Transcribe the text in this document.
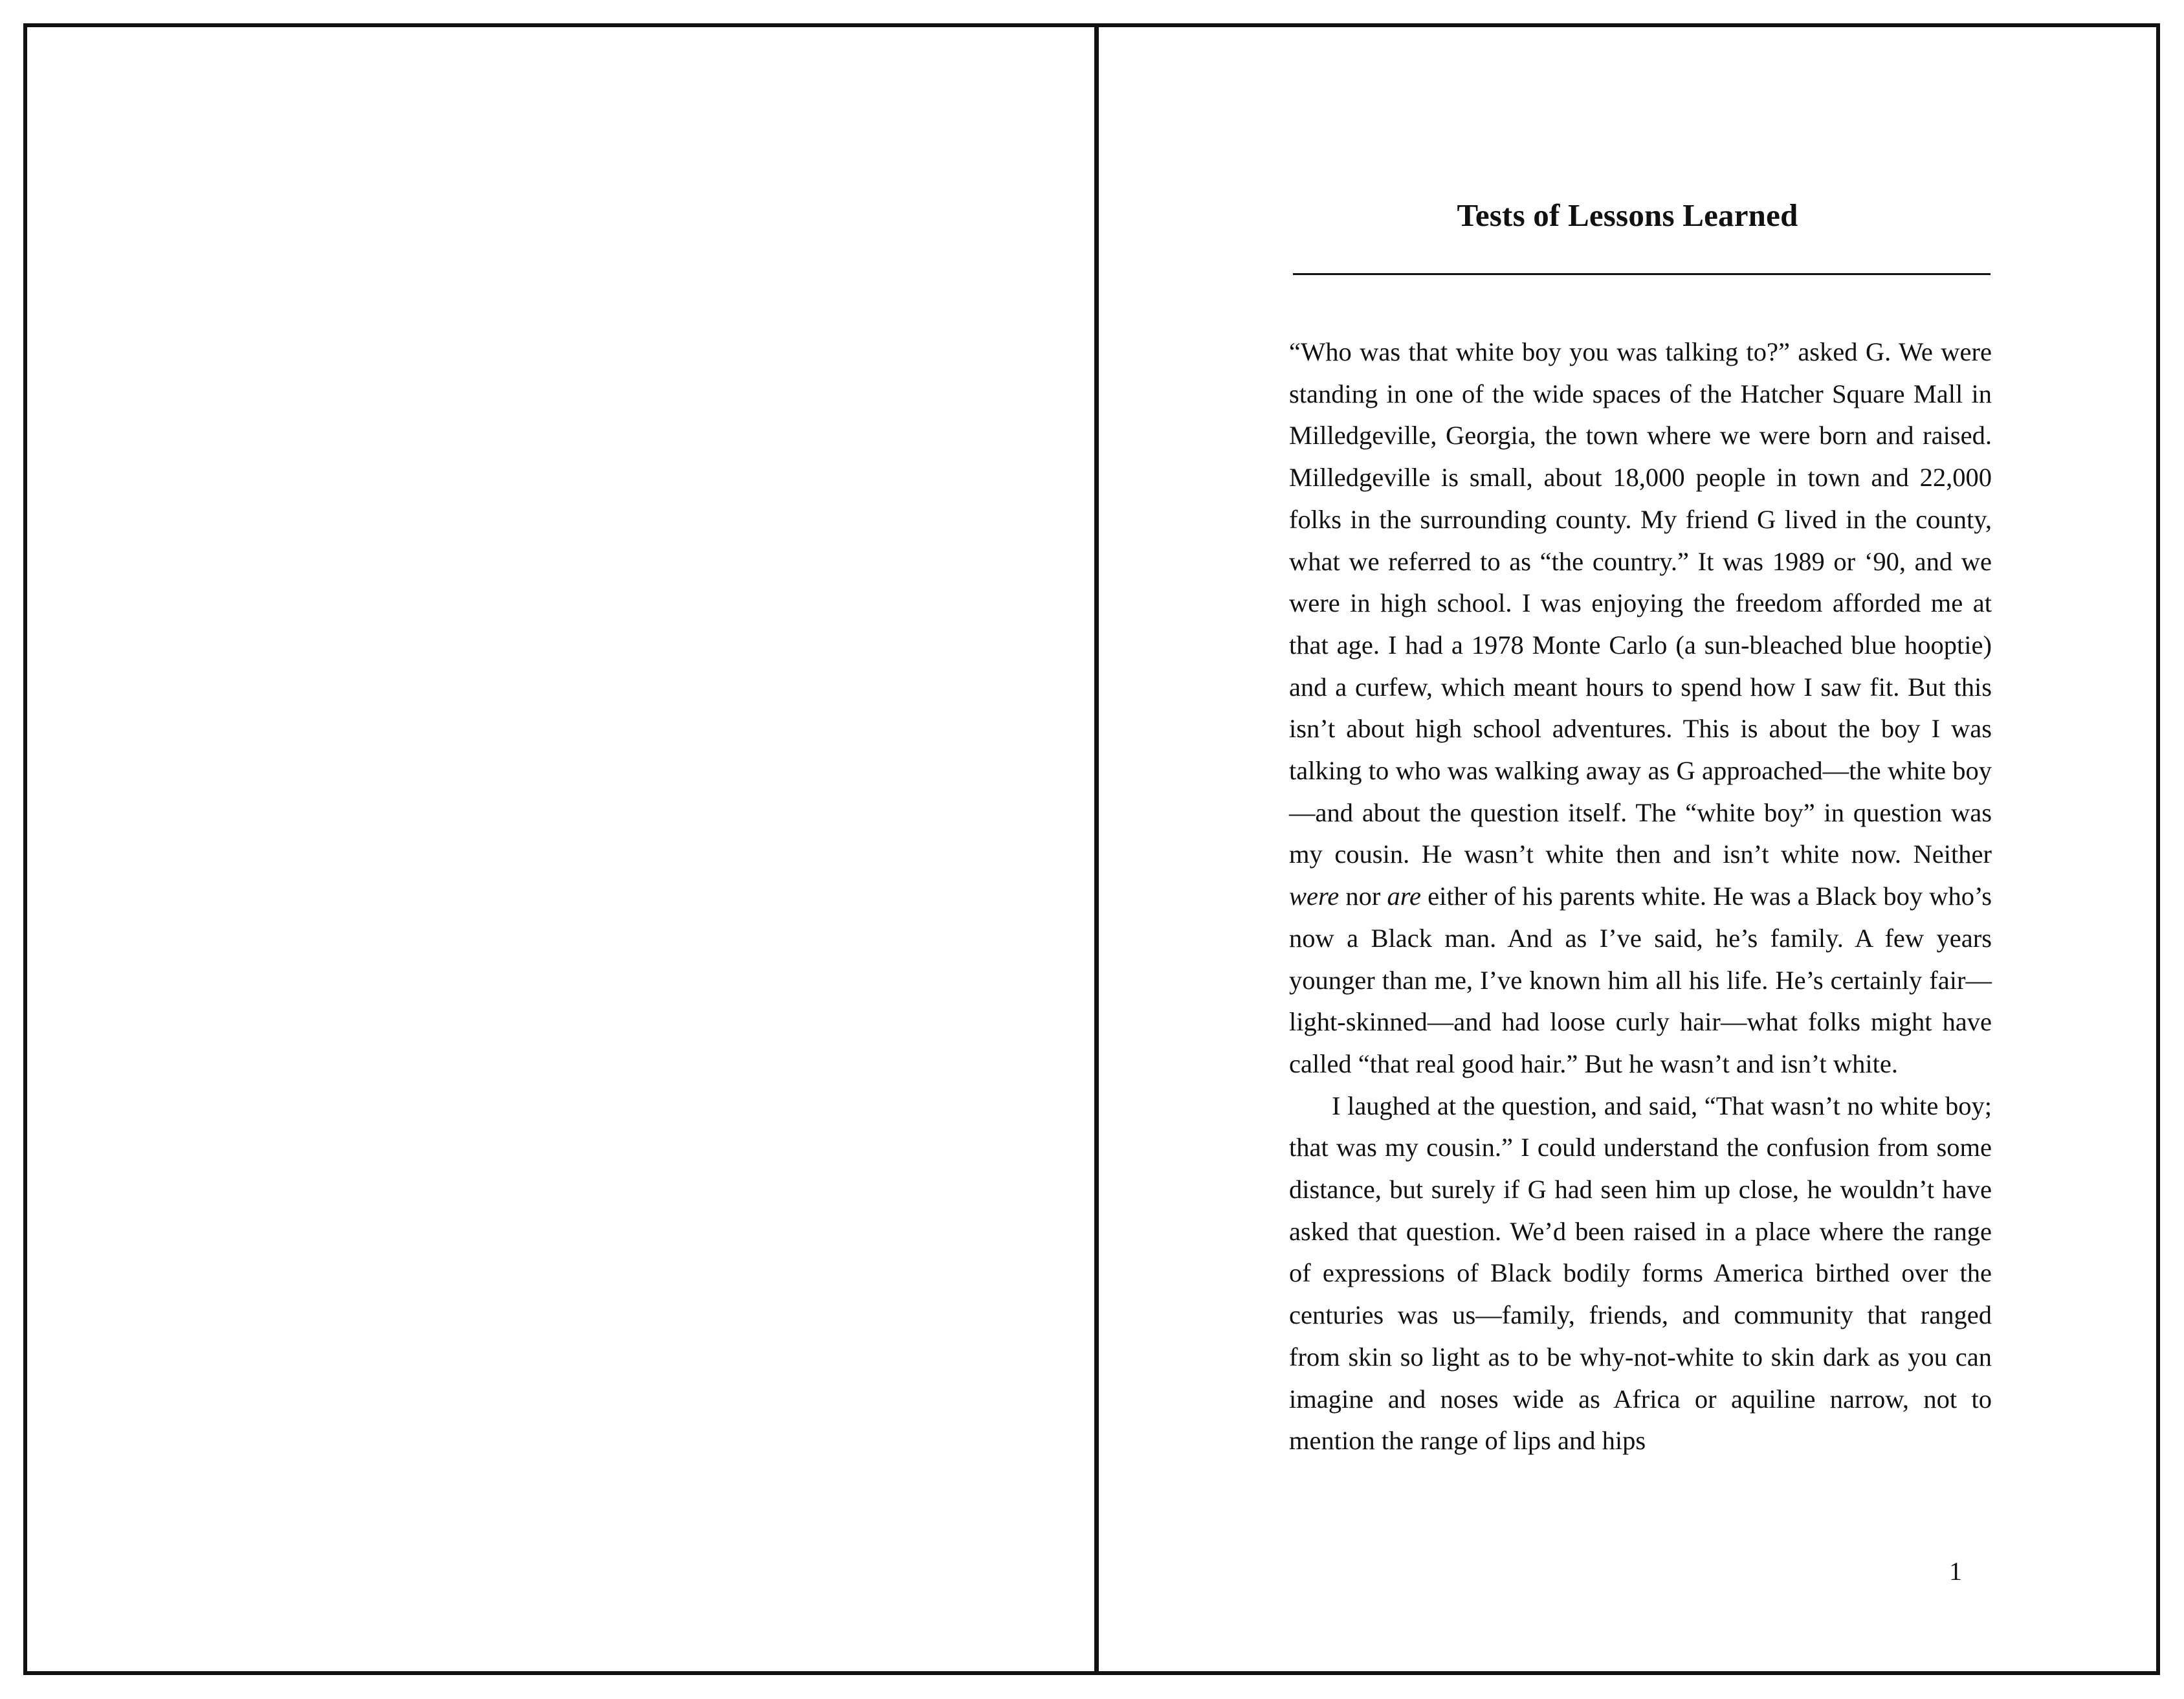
Tests of Lessons Learned

“Who was that white boy you was talking to?” asked G. We were standing in one of the wide spaces of the Hatcher Square Mall in Milledgeville, Georgia, the town where we were born and raised. Milledgeville is small, about 18,000 people in town and 22,000 folks in the surrounding county. My friend G lived in the county, what we referred to as “the country.” It was 1989 or ‘90, and we were in high school. I was enjoying the freedom afforded me at that age. I had a 1978 Monte Carlo (a sun-bleached blue hooptie) and a curfew, which meant hours to spend how I saw fit. But this isn’t about high school adventures. This is about the boy I was talking to who was walking away as G approached—the white boy—and about the question itself. The “white boy” in question was my cousin. He wasn’t white then and isn’t white now. Neither were nor are either of his parents white. He was a Black boy who’s now a Black man. And as I’ve said, he’s family. A few years younger than me, I’ve known him all his life. He’s certainly fair—light-skinned—and had loose curly hair—what folks might have called “that real good hair.” But he wasn’t and isn’t white.

I laughed at the question, and said, “That wasn’t no white boy; that was my cousin.” I could understand the confusion from some distance, but surely if G had seen him up close, he wouldn’t have asked that question. We’d been raised in a place where the range of expressions of Black bodily forms America birthed over the centuries was us—family, friends, and community that ranged from skin so light as to be why-not-white to skin dark as you can imagine and noses wide as Africa or aquiline narrow, not to mention the range of lips and hips

1
